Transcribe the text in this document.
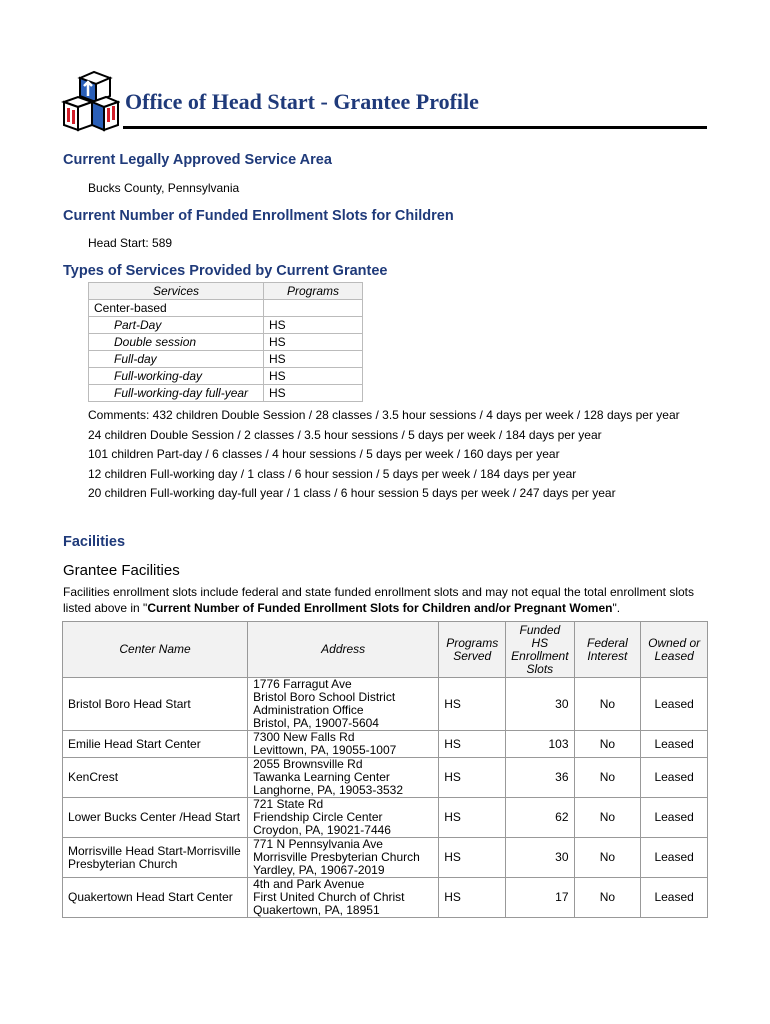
Office of Head Start - Grantee Profile
Current Legally Approved Service Area

Bucks County, Pennsylvania

Current Number of Funded Enrollment Slots for Children

Head Start: 589

Types of Services Provided by Current Grantee
Services	Programs
Center-based	
Part-Day	HS
Double session	HS
Full-day	HS
Full-working-day	HS
Full-working-day full-year	HS

Comments: 432 children Double Session / 28 classes / 3.5 hour sessions / 4 days per week / 128 days per year

24 children Double Session / 2 classes / 3.5 hour sessions / 5 days per week / 184 days per year

101 children Part-day / 6 classes / 4 hour sessions / 5 days per week / 160 days per year

12 children Full-working day / 1 class / 6 hour session / 5 days per week / 184 days per year

20 children Full-working day-full year / 1 class / 6 hour session 5 days per week / 247 days per year

Facilities

Grantee Facilities

Facilities enrollment slots include federal and state funded enrollment slots and may not equal the total enrollment slots listed above in "Current Number of Funded Enrollment Slots for Children and/or Pregnant Women".

Center Name	Address	Programs Served	Funded HS Enrollment Slots	Federal Interest	Owned or Leased
Bristol Boro Head Start	1776 Farragut Ave
Bristol Boro School District
Administration Office
Bristol, PA, 19007-5604	HS	30	No	Leased
Emilie Head Start Center	7300 New Falls Rd
Levittown, PA, 19055-1007	HS	103	No	Leased
KenCrest	2055 Brownsville Rd
Tawanka Learning Center
Langhorne, PA, 19053-3532	HS	36	No	Leased
Lower Bucks Center /Head Start	721 State Rd
Friendship Circle Center
Croydon, PA, 19021-7446	HS	62	No	Leased
Morrisville Head Start-Morrisville Presbyterian Church	771 N Pennsylvania Ave
Morrisville Presbyterian Church
Yardley, PA, 19067-2019	HS	30	No	Leased
Quakertown Head Start Center	4th and Park Avenue
First United Church of Christ
Quakertown, PA, 18951	HS	17	No	Leased
